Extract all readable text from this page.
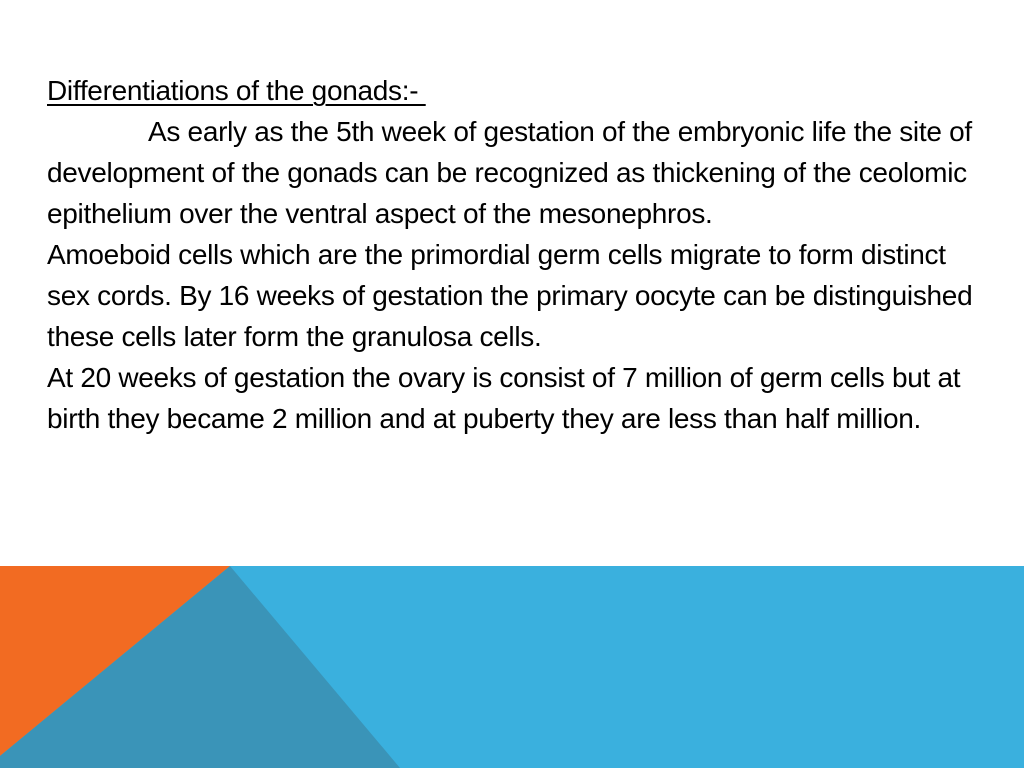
Differentiations of the gonads:-

As early as the 5th week of gestation of the embryonic life the site of development of the gonads can be recognized as thickening of the ceolomic epithelium over the ventral aspect of the mesonephros.

Amoeboid cells which are the primordial germ cells migrate to form distinct sex cords. By 16 weeks of gestation the primary oocyte can be distinguished these cells later form the granulosa cells.

At 20 weeks of gestation the ovary is consist of 7 million of germ cells but at birth they became 2 million and at puberty they are less than half million.
